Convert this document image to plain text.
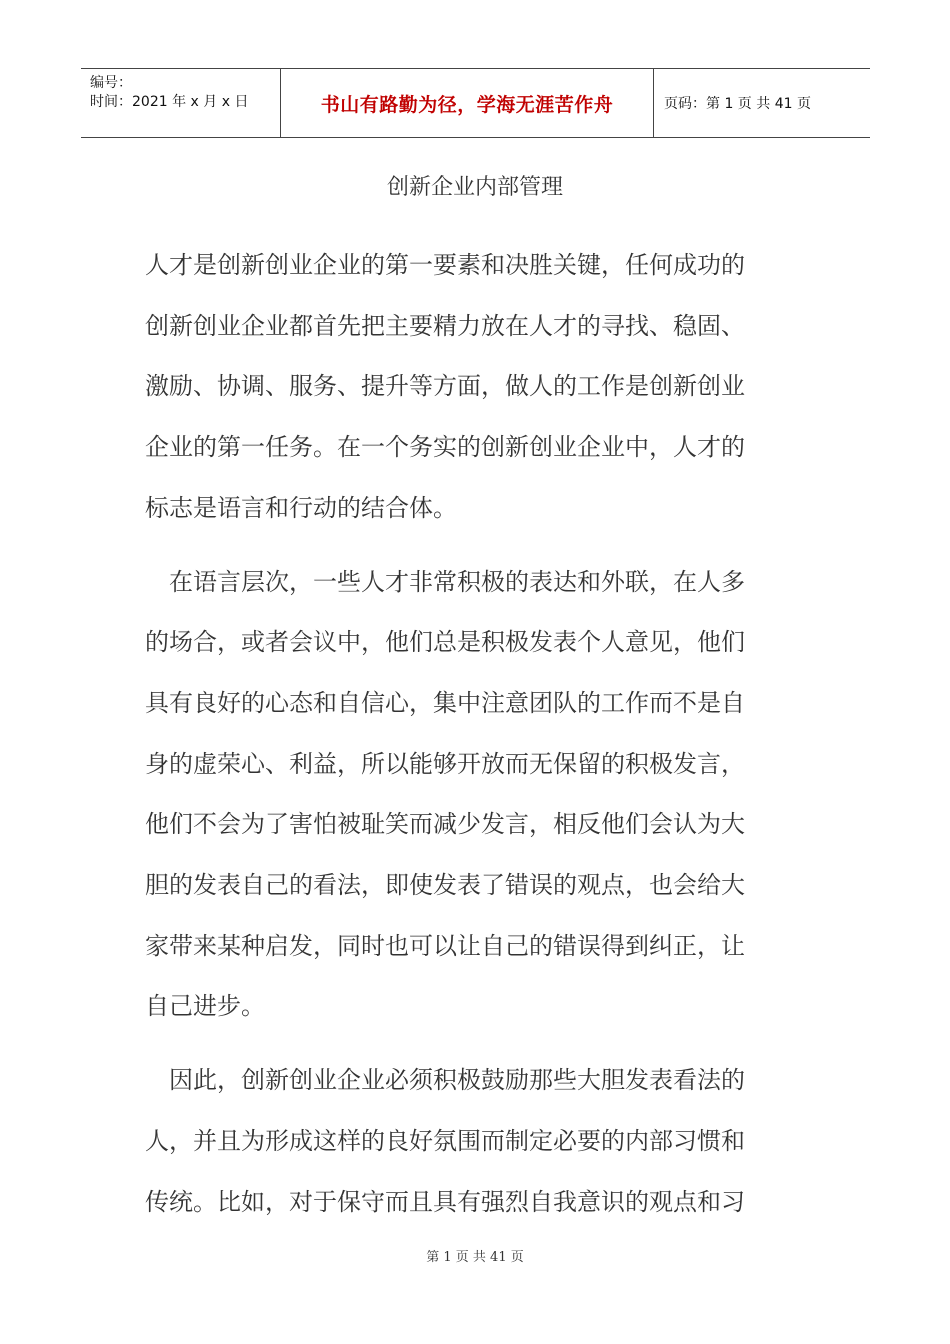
编号：
时间：2021 年 x 月 x 日	书山有路勤为径，学海无涯苦作舟	页码：第 1 页 共 41 页
创新企业内部管理
人才是创新创业企业的第一要素和决胜关键，任何成功的
创新创业企业都首先把主要精力放在人才的寻找、稳固、
激励、协调、服务、提升等方面，做人的工作是创新创业
企业的第一任务。在一个务实的创新创业企业中，人才的
标志是语言和行动的结合体。
　在语言层次，一些人才非常积极的表达和外联，在人多
的场合，或者会议中，他们总是积极发表个人意见，他们
具有良好的心态和自信心，集中注意团队的工作而不是自
身的虚荣心、利益，所以能够开放而无保留的积极发言，
他们不会为了害怕被耻笑而减少发言，相反他们会认为大
胆的发表自己的看法，即使发表了错误的观点，也会给大
家带来某种启发，同时也可以让自己的错误得到纠正，让
自己进步。
　因此，创新创业企业必须积极鼓励那些大胆发表看法的
人，并且为形成这样的良好氛围而制定必要的内部习惯和
传统。比如，对于保守而且具有强烈自我意识的观点和习
第 1 页 共 41 页
